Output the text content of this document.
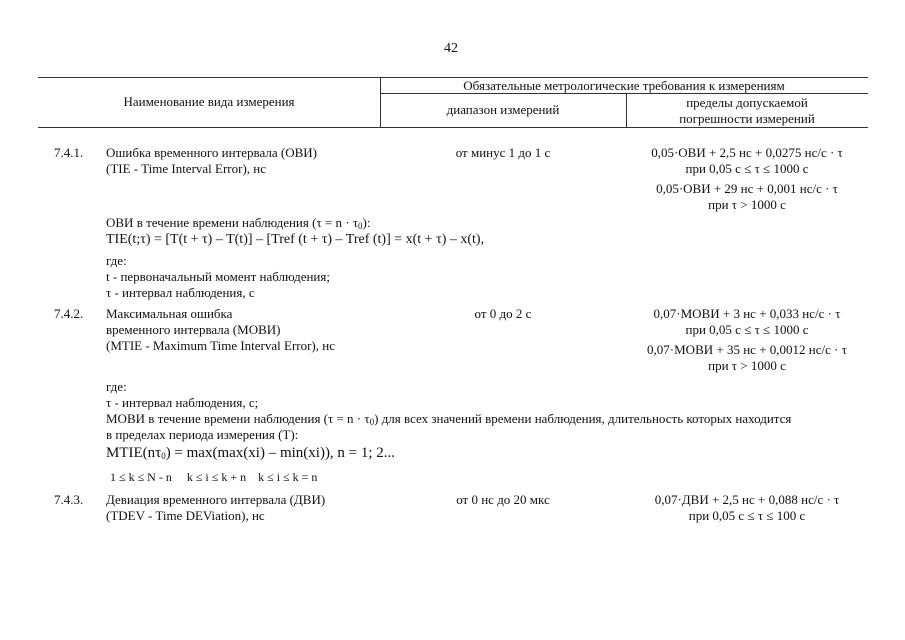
42
Наименование вида измерения
Обязательные метрологические требования к измерениям
диапазон измерений	пределы допускаемой
погрешности измерений
7.4.1. Ошибка временного интервала (ОВИ)
(TIE - Time Interval Error), нс
от минус 1 до 1 с	0,05·ОВИ + 2,5 нс + 0,0275 нс/с · τ
при 0,05 с ≤ τ ≤ 1000 с
0,05·ОВИ + 29 нс + 0,001 нс/с · τ
при τ > 1000 с
ОВИ в течение времени наблюдения $(\tau = n \cdot \tau_0)$:
TIE(t;τ) = [T(t + τ) – T(t)] – [Tref (t + τ) – Tref (t)] = x(t + τ) – x(t),
где:
t - первоначальный момент наблюдения;
τ - интервал наблюдения, с
7.4.2. Максимальная ошибка
временного интервала (МОВИ)
(MTIE - Maximum Time Interval Error), нс
от 0 до 2 с	0,07·МОВИ + 3 нс + 0,033 нс/с · τ
при 0,05 с ≤ τ ≤ 1000 с
0,07·МОВИ + 35 нс + 0,0012 нс/с · τ
при τ > 1000 с
где:
τ - интервал наблюдения, с;
МОВИ в течение времени наблюдения $(\tau = n \cdot \tau_0)$ для всех значений времени наблюдения, длительность которых находится
в пределах периода измерения (T):
$MTIE(n\tau_0) = \max(\max(xi) - \min(xi))$, n = 1; 2...
1 ≤ k ≤ N - n     k ≤ i ≤ k + n    k ≤ i ≤ k = n
7.4.3. Девиация временного интервала (ДВИ)
(TDEV - Time DEViation), нс
от 0 нс до 20 мкс	0,07·ДВИ + 2,5 нс + 0,088 нс/с · τ
при 0,05 с ≤ τ ≤ 100 с
